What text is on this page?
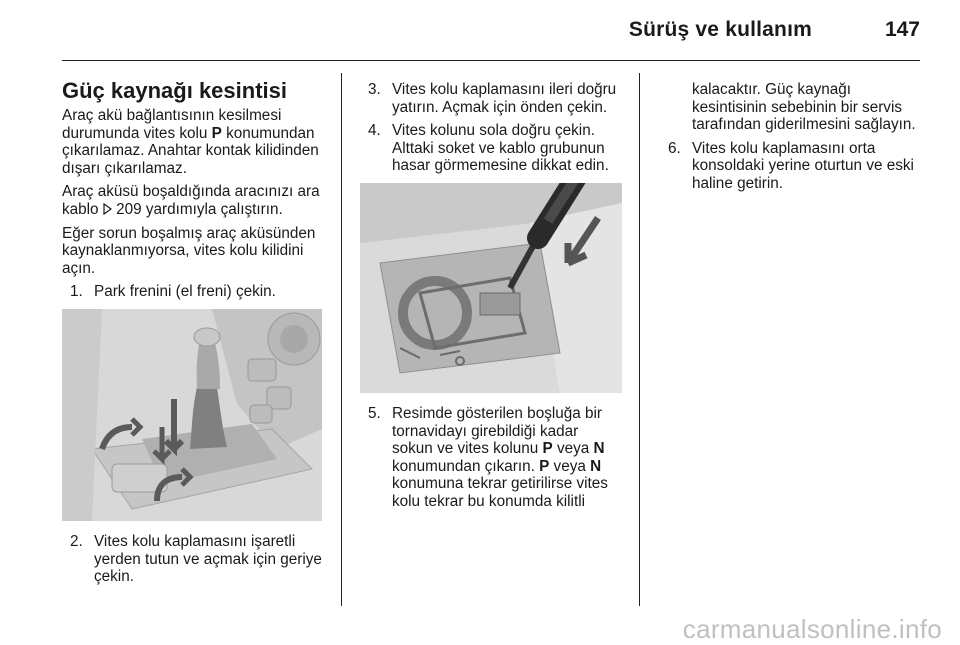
Sürüş ve kullanım	147
Güç kaynağı kesintisi

Araç akü bağlantısının kesilmesi durumunda vites kolu P konumundan çıkarılamaz. Anahtar kontak kilidinden dışarı çıkarılamaz.

Araç aküsü boşaldığında aracınızı ara kablo  209 yardımıyla çalıştırın.

Eğer sorun boşalmış araç aküsünden kaynaklanmıyorsa, vites kolu kilidini açın.

1. Park frenini (el freni) çekin.
2. Vites kolu kaplamasını işaretli yerden tutun ve açmak için geriye çekin.
3. Vites kolu kaplamasını ileri doğru yatırın. Açmak için önden çekin.
4. Vites kolunu sola doğru çekin. Alttaki soket ve kablo grubunun hasar görmemesine dikkat edin.
5. Resimde gösterilen boşluğa bir tornavidayı girebildiği kadar sokun ve vites kolunu P veya N konumundan çıkarın. P veya N konumuna tekrar getirilirse vites kolu tekrar bu konumda kilitli
kalacaktır. Güç kaynağı kesintisinin sebebinin bir servis tarafından giderilmesini sağlayın.
6. Vites kolu kaplamasını orta konsoldaki yerine oturtun ve eski haline getirin.
carmanualsonline.info
